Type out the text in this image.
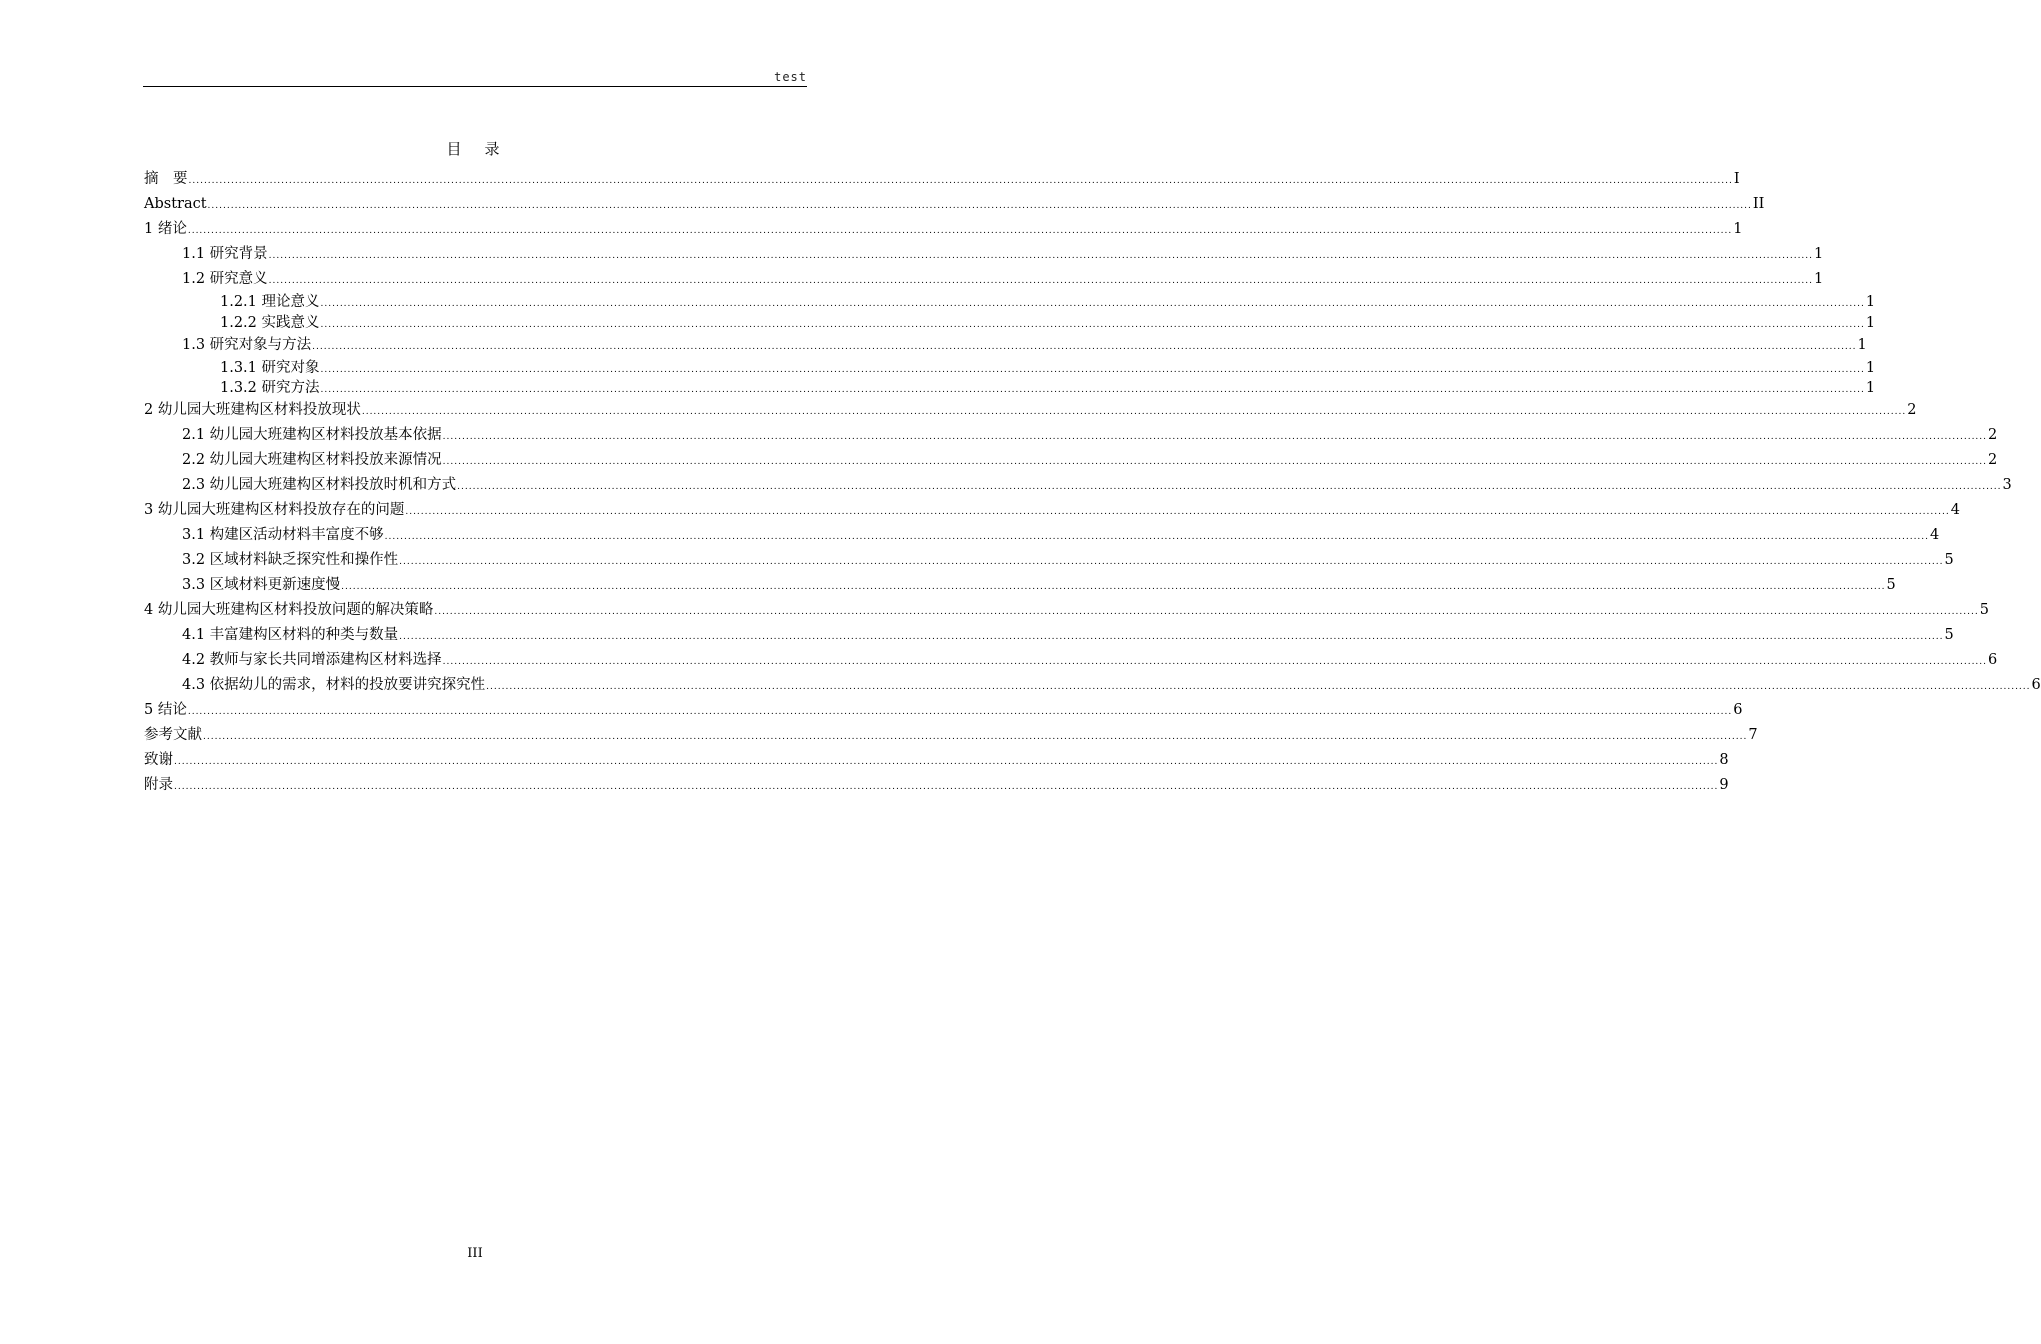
test
目　录
摘　要 ................................................................................................................................................................................................................................................................................................................................................................................................................ I
Abstract ................................................................................................................................................................................................................................................................................................................................................................................................................ II
1 绪论 ................................................................................................................................................................................................................................................................................................................................................................................................................ 1
1.1 研究背景 ................................................................................................................................................................................................................................................................................................................................................................................................................ 1
1.2 研究意义 ................................................................................................................................................................................................................................................................................................................................................................................................................ 1
1.2.1 理论意义 ................................................................................................................................................................................................................................................................................................................................................................................................................ 1
1.2.2 实践意义 ................................................................................................................................................................................................................................................................................................................................................................................................................ 1
1.3 研究对象与方法 ................................................................................................................................................................................................................................................................................................................................................................................................................ 1
1.3.1 研究对象 ................................................................................................................................................................................................................................................................................................................................................................................................................ 1
1.3.2 研究方法 ................................................................................................................................................................................................................................................................................................................................................................................................................ 1
2 幼儿园大班建构区材料投放现状 ................................................................................................................................................................................................................................................................................................................................................................................................................ 2
2.1 幼儿园大班建构区材料投放基本依据 ................................................................................................................................................................................................................................................................................................................................................................................................................ 2
2.2 幼儿园大班建构区材料投放来源情况 ................................................................................................................................................................................................................................................................................................................................................................................................................ 2
2.3 幼儿园大班建构区材料投放时机和方式 ................................................................................................................................................................................................................................................................................................................................................................................................................ 3
3 幼儿园大班建构区材料投放存在的问题 ................................................................................................................................................................................................................................................................................................................................................................................................................ 4
3.1 构建区活动材料丰富度不够 ................................................................................................................................................................................................................................................................................................................................................................................................................ 4
3.2 区域材料缺乏探究性和操作性 ................................................................................................................................................................................................................................................................................................................................................................................................................ 5
3.3 区域材料更新速度慢 ................................................................................................................................................................................................................................................................................................................................................................................................................ 5
4 幼儿园大班建构区材料投放问题的解决策略 ................................................................................................................................................................................................................................................................................................................................................................................................................ 5
4.1 丰富建构区材料的种类与数量 ................................................................................................................................................................................................................................................................................................................................................................................................................ 5
4.2 教师与家长共同增添建构区材料选择 ................................................................................................................................................................................................................................................................................................................................................................................................................ 6
4.3 依据幼儿的需求，材料的投放要讲究探究性 ................................................................................................................................................................................................................................................................................................................................................................................................................ 6
5 结论 ................................................................................................................................................................................................................................................................................................................................................................................................................ 6
参考文献 ................................................................................................................................................................................................................................................................................................................................................................................................................ 7
致谢 ................................................................................................................................................................................................................................................................................................................................................................................................................ 8
附录 ................................................................................................................................................................................................................................................................................................................................................................................................................ 9
III
